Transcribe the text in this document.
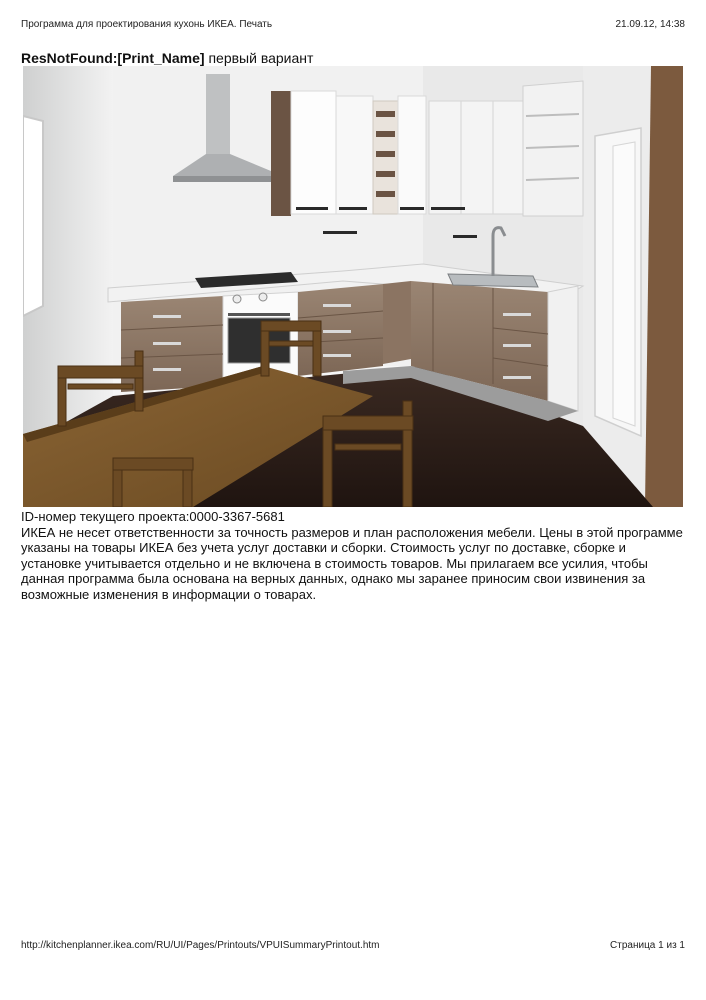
Программа для проектирования кухонь ИКЕА. Печать	21.09.12, 14:38
ResNotFound:[Print_Name] первый вариант

ID-номер текущего проекта:0000-3367-5681

ИКЕА не несет ответственности за точность размеров и план расположения мебели. Цены в этой программе указаны на товары ИКЕА без учета услуг доставки и сборки. Стоимость услуг по доставке, сборке и установке учитывается отдельно и не включена в стоимость товаров. Мы прилагаем все усилия, чтобы данная программа была основана на верных данных, однако мы заранее приносим свои извинения за возможные изменения в информации о товарах.

http://kitchenplanner.ikea.com/RU/UI/Pages/Printouts/VPUISummaryPrintout.htm	Страница 1 из 1
